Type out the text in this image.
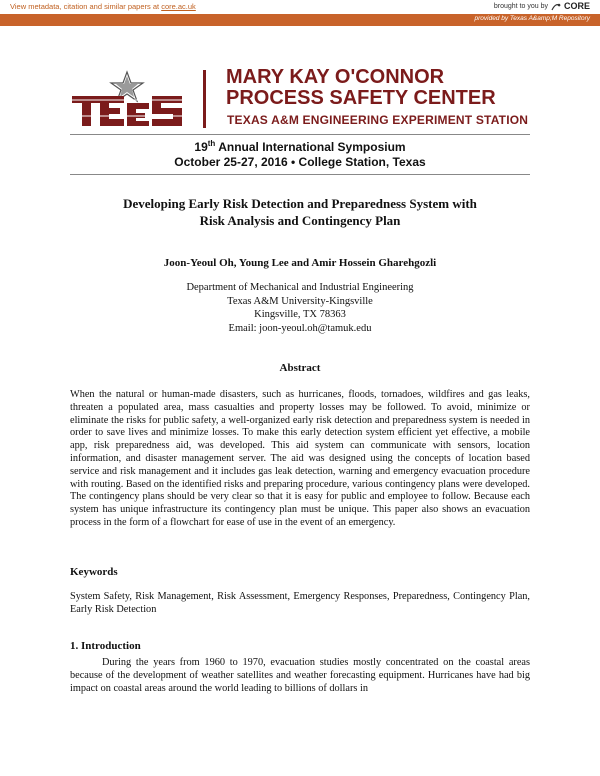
View metadata, citation and similar papers at core.ac.uk	brought to you by CORE
provided by Texas A&amp;M Repository
MARY KAY O'CONNOR
PROCESS SAFETY CENTER
TEXAS A&M ENGINEERING EXPERIMENT STATION
19th Annual International Symposium
October 25-27, 2016 • College Station, Texas
Developing Early Risk Detection and Preparedness System with
Risk Analysis and Contingency Plan
Joon-Yeoul Oh, Young Lee and Amir Hossein Gharehgozli
Department of Mechanical and Industrial Engineering
Texas A&M University-Kingsville
Kingsville, TX 78363
Email: joon-yeoul.oh@tamuk.edu
Abstract
When the natural or human-made disasters, such as hurricanes, floods, tornadoes, wildfires and gas leaks, threaten a populated area, mass casualties and property losses may be followed. To avoid, minimize or eliminate the risks for public safety, a well-organized early risk detection and preparedness system is needed in order to save lives and minimize losses. To make this early detection system efficient yet effective, a mobile app, risk preparedness aid, was developed. This aid system can communicate with sensors, location information, and disaster management server. The aid was designed using the concepts of location based service and risk management and it includes gas leak detection, warning and emergency evacuation procedure with routing. Based on the identified risks and preparing procedure, various contingency plans were developed. The contingency plans should be very clear so that it is easy for public and employee to follow. Because each system has unique infrastructure its contingency plan must be unique. This paper also shows an evacuation process in the form of a flowchart for ease of use in the event of an emergency.
Keywords
System Safety, Risk Management, Risk Assessment, Emergency Responses, Preparedness, Contingency Plan, Early Risk Detection
1. Introduction
During the years from 1960 to 1970, evacuation studies mostly concentrated on the coastal areas because of the development of weather satellites and weather forecasting equipment. Hurricanes have had big impact on coastal areas around the world leading to billions of dollars in
